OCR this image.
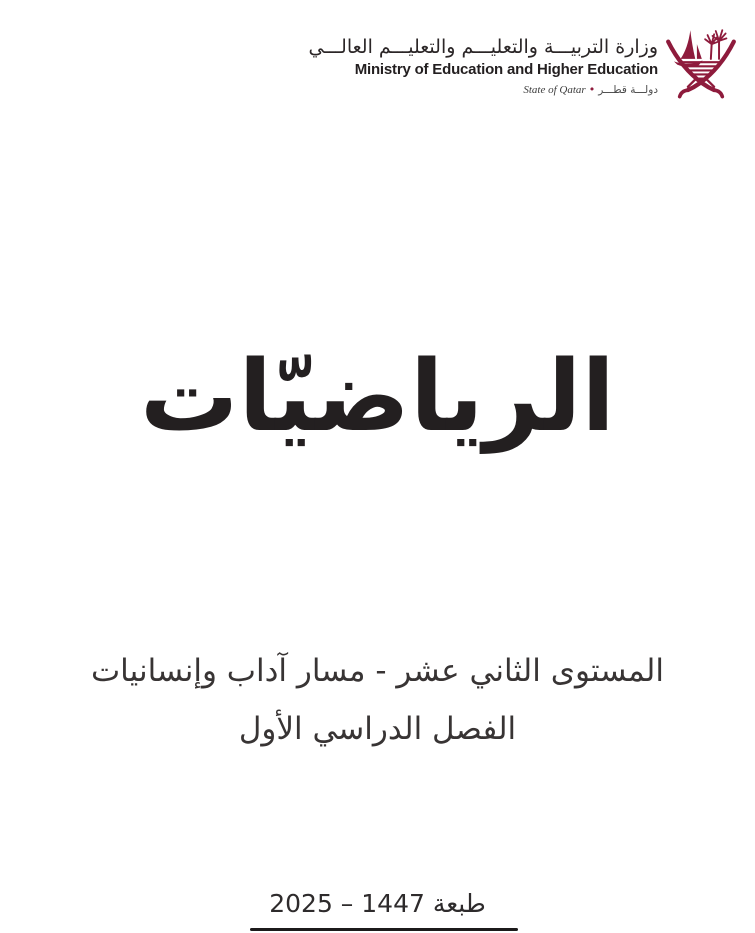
وزارة التربيـــة والتعليـــم والتعليـــم العالـــي
Ministry of Education and Higher Education
دولـــة قطـــر•State of Qatar
الرياضيّات
المستوى الثاني عشر - مسار آداب وإنسانيات
الفصل الدراسي الأول
طبعة 1447 – 2025
